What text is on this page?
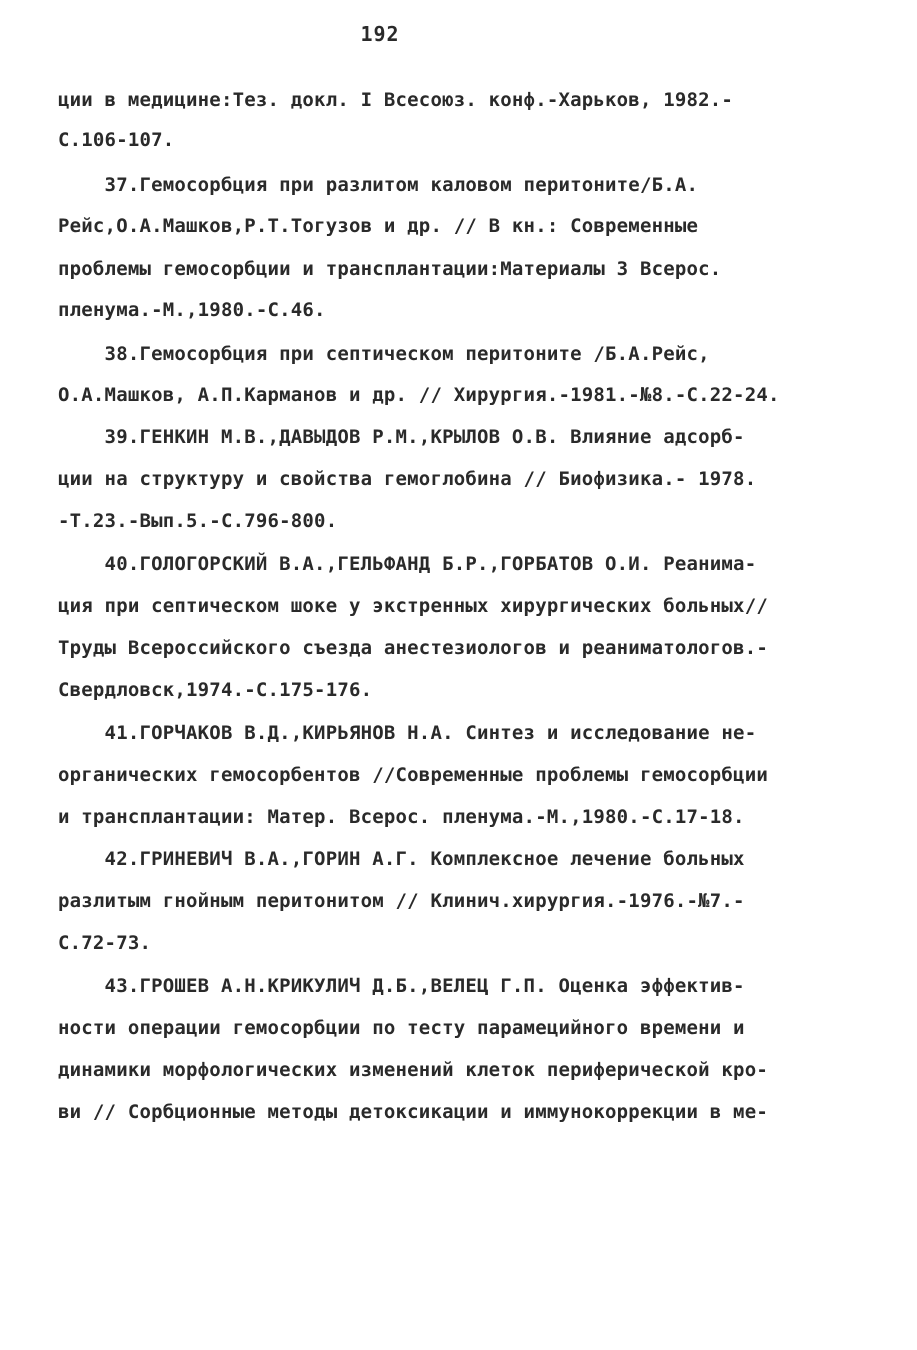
192
ции в медицине:Тез. докл. I Всесоюз. конф.-Харьков, 1982.-
С.106-107.
37.Гемосорбция при разлитом каловом перитоните/Б.А.
Рейс,О.А.Машков,Р.Т.Тогузов и др. // В кн.: Современные
проблемы гемосорбции и трансплантации:Материалы 3 Всерос.
пленума.-М.,1980.-С.46.
38.Гемосорбция при септическом перитоните /Б.А.Рейс,
О.А.Машков, А.П.Карманов и др. // Хирургия.-1981.-№8.-С.22-24.
39.ГЕНКИН М.В.,ДАВЫДОВ Р.М.,КРЫЛОВ О.В. Влияние адсорб-
ции на структуру и свойства гемоглобина // Биофизика.- 1978.
-Т.23.-Вып.5.-С.796-800.
40.ГОЛОГОРСКИЙ В.А.,ГЕЛЬФАНД Б.Р.,ГОРБАТОВ О.И. Реанима-
ция при септическом шоке у экстренных хирургических больных//
Труды Всероссийского съезда анестезиологов и реаниматологов.-
Свердловск,1974.-С.175-176.
41.ГОРЧАКОВ В.Д.,КИРЬЯНОВ Н.А. Синтез и исследование не-
органических гемосорбентов //Современные проблемы гемосорбции
и трансплантации: Матер. Всерос. пленума.-М.,1980.-С.17-18.
42.ГРИНЕВИЧ В.А.,ГОРИН А.Г. Комплексное лечение больных
разлитым гнойным перитонитом // Клинич.хирургия.-1976.-№7.-
С.72-73.
43.ГРОШЕВ А.Н.КРИКУЛИЧ Д.Б.,ВЕЛЕЦ Г.П. Оценка эффектив-
ности операции гемосорбции по тесту парамецийного времени и
динамики морфологических изменений клеток периферической кро-
ви // Сорбционные методы детоксикации и иммунокоррекции в ме-
